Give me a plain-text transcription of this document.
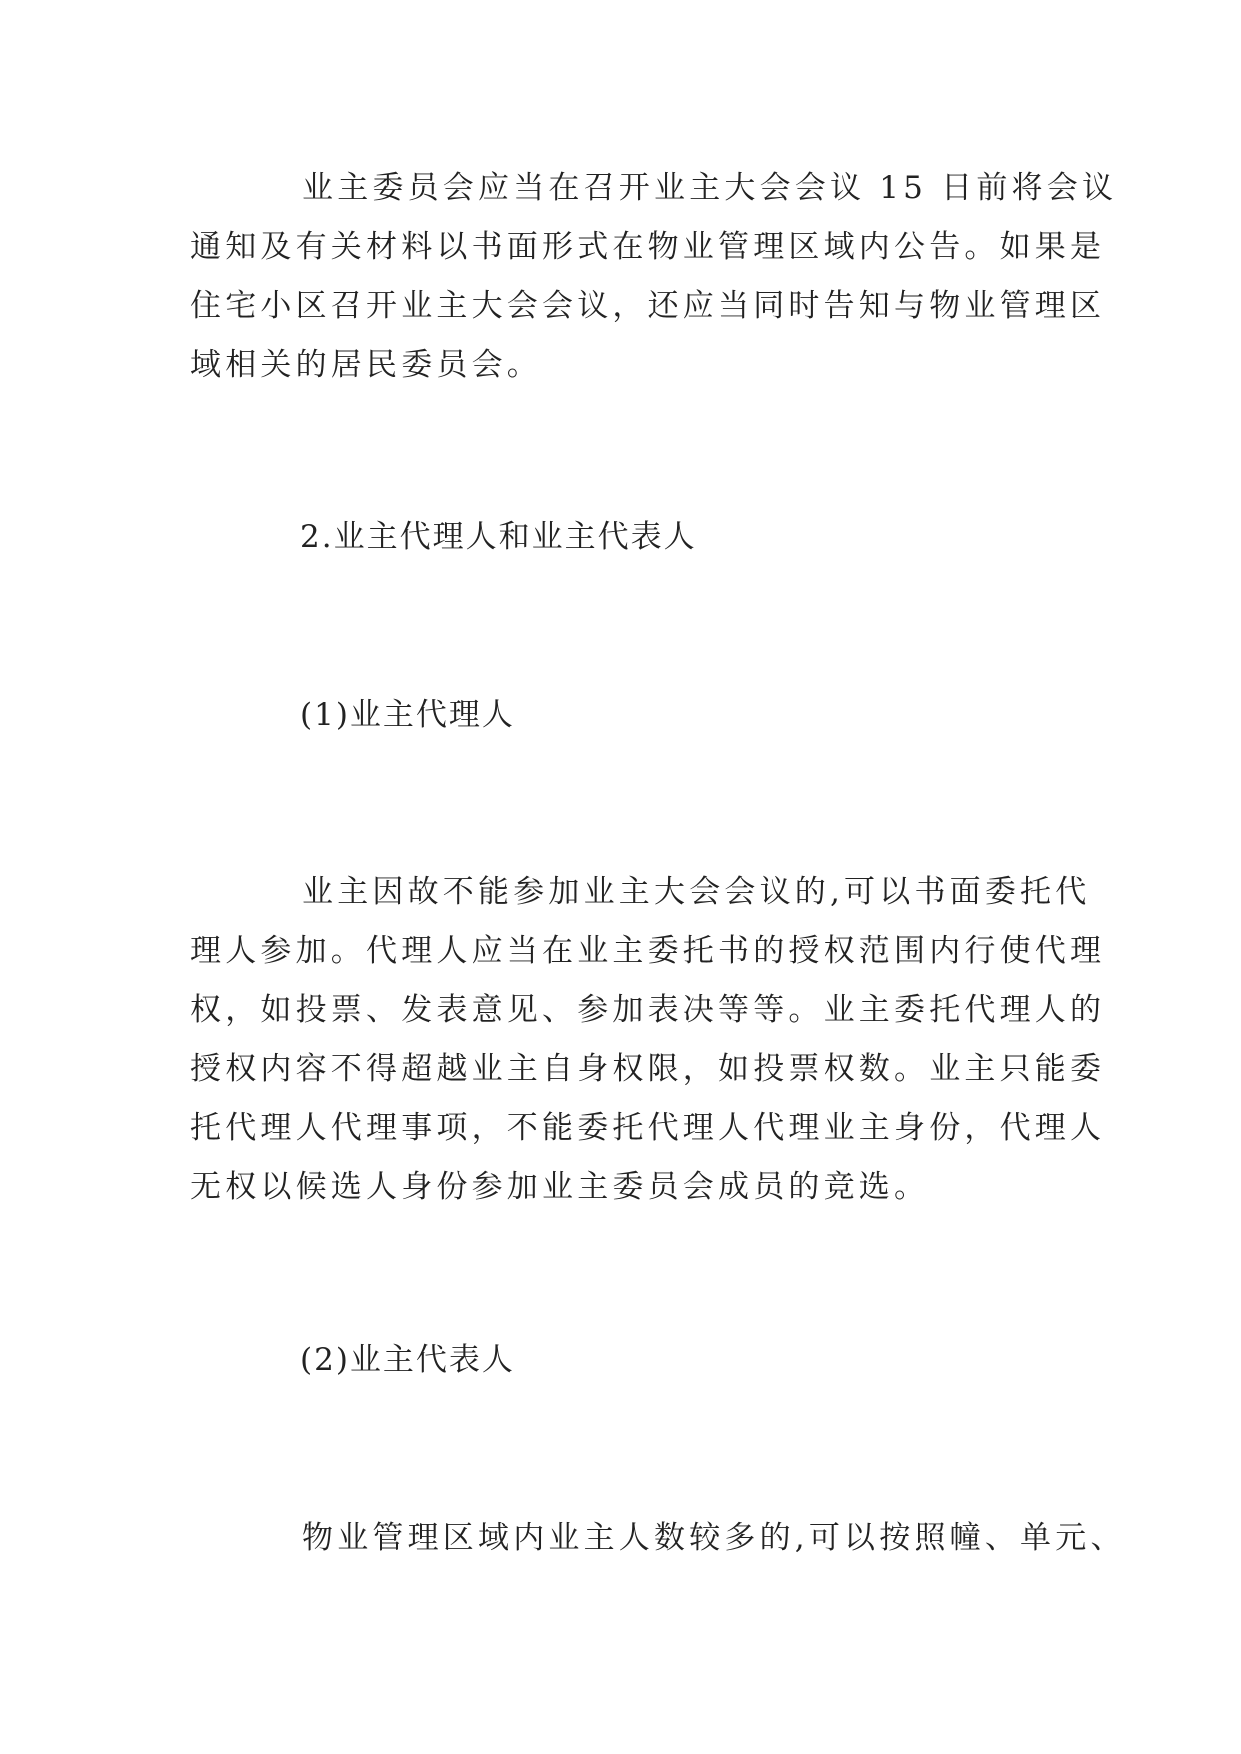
业主委员会应当在召开业主大会会议 15 日前将会议
通知及有关材料以书面形式在物业管理区域内公告。如果是
住宅小区召开业主大会会议，还应当同时告知与物业管理区
域相关的居民委员会。
2.业主代理人和业主代表人
(1)业主代理人
业主因故不能参加业主大会会议的,可以书面委托代
理人参加。代理人应当在业主委托书的授权范围内行使代理
权，如投票、发表意见、参加表决等等。业主委托代理人的
授权内容不得超越业主自身权限，如投票权数。业主只能委
托代理人代理事项，不能委托代理人代理业主身份，代理人
无权以候选人身份参加业主委员会成员的竞选。
(2)业主代表人
物业管理区域内业主人数较多的,可以按照幢、单元、
